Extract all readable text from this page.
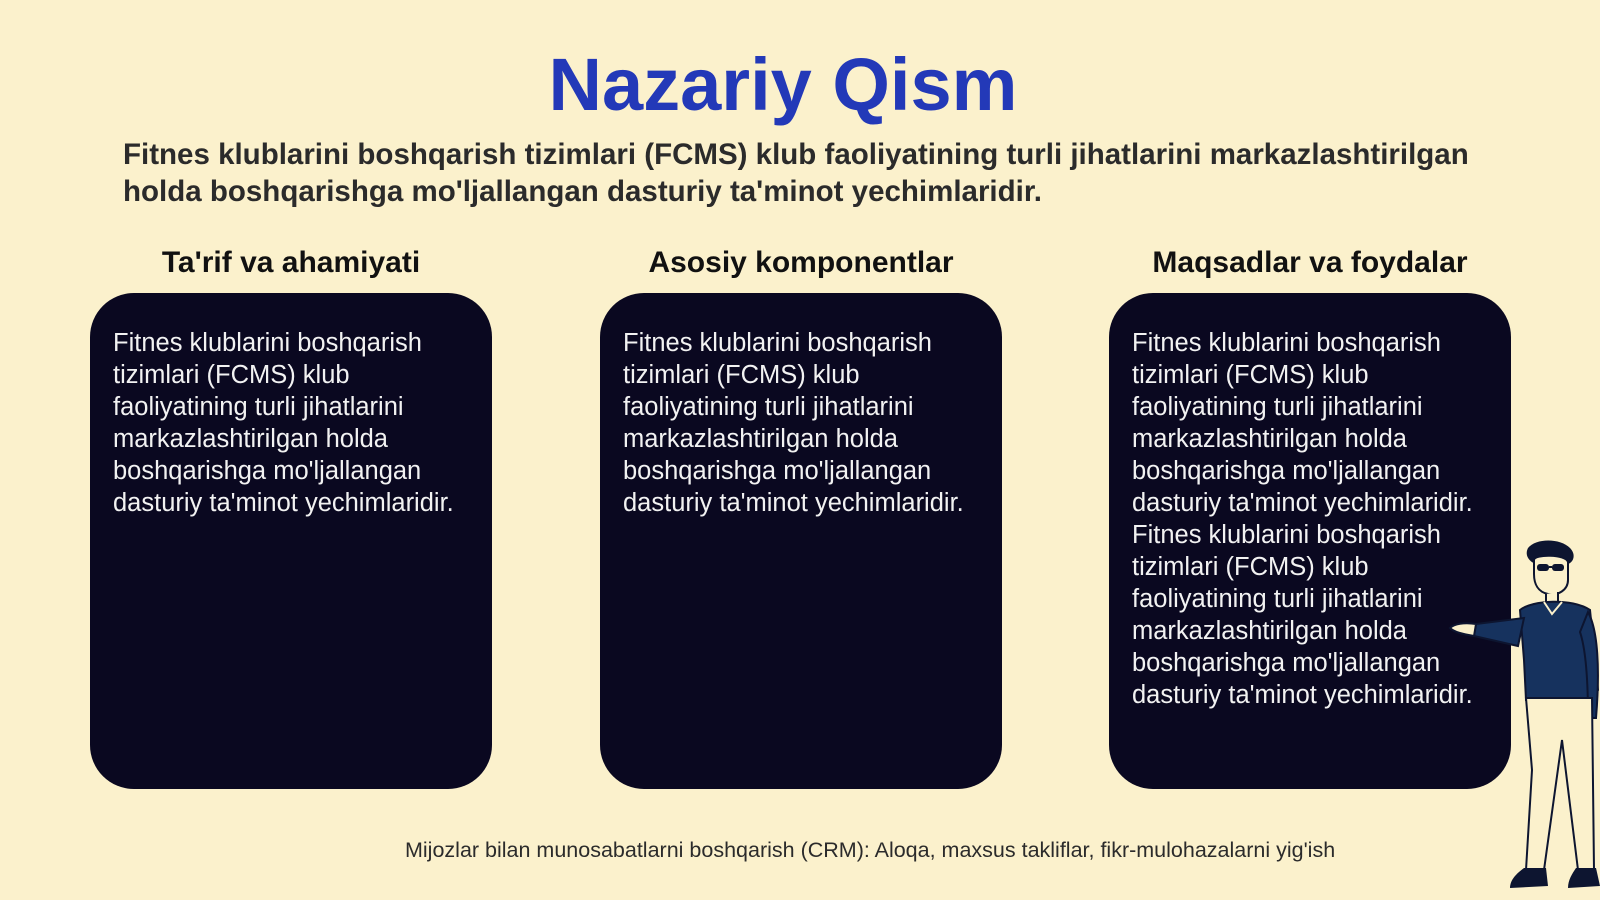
Nazariy Qism
Fitnes klublarini boshqarish tizimlari (FCMS) klub faoliyatining turli jihatlarini markazlashtirilgan holda boshqarishga mo'ljallangan dasturiy ta'minot yechimlaridir.
Ta'rif va ahamiyati

Fitnes klublarini boshqarish tizimlari (FCMS) klub faoliyatining turli jihatlarini markazlashtirilgan holda boshqarishga mo'ljallangan dasturiy ta'minot yechimlaridir.

Asosiy komponentlar

Fitnes klublarini boshqarish tizimlari (FCMS) klub faoliyatining turli jihatlarini markazlashtirilgan holda boshqarishga mo'ljallangan dasturiy ta'minot yechimlaridir.

Maqsadlar va foydalar

Fitnes klublarini boshqarish tizimlari (FCMS) klub faoliyatining turli jihatlarini markazlashtirilgan holda boshqarishga mo'ljallangan dasturiy ta'minot yechimlaridir.

Fitnes klublarini boshqarish tizimlari (FCMS) klub faoliyatining turli jihatlarini markazlashtirilgan holda boshqarishga mo'ljallangan dasturiy ta'minot yechimlaridir.

Mijozlar bilan munosabatlarni boshqarish (CRM): Aloqa, maxsus takliflar, fikr-mulohazalarni yig'ish
